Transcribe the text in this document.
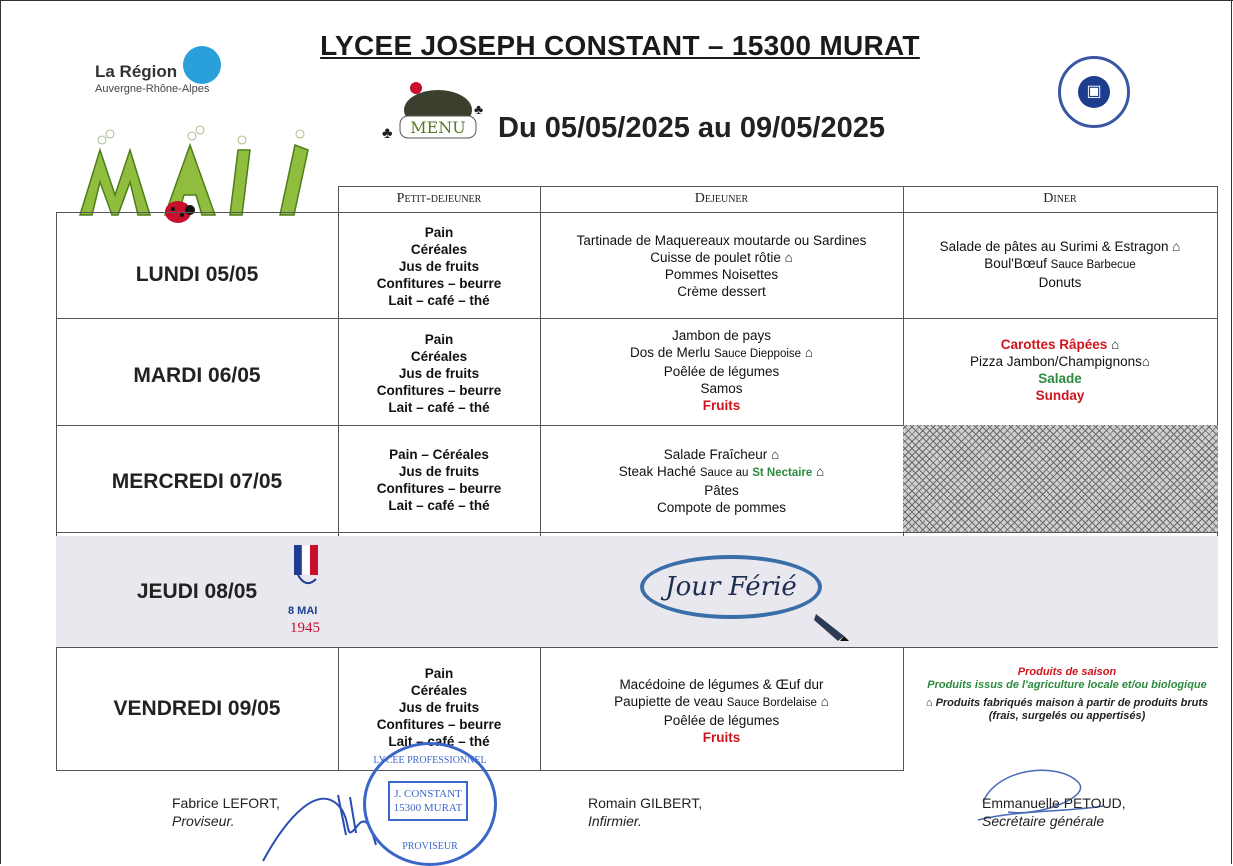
La Région
Auvergne-Rhône-Alpes
LYCEE JOSEPH CONSTANT – 15300 MURAT
▣
MENU
♣
♣
Du 05/05/2025 au 09/05/2025
MAI
Petit-dejeuner	Dejeuner	Diner
LUNDI 05/05
Pain
Céréales
Jus de fruits
Confitures – beurre
Lait – café – thé
Tartinade de Maquereaux moutarde ou Sardines
Cuisse de poulet rôtie ⌂
Pommes Noisettes
Crème dessert
Salade de pâtes au Surimi & Estragon ⌂
Boul'Bœuf Sauce Barbecue
Donuts
MARDI 06/05
Pain
Céréales
Jus de fruits
Confitures – beurre
Lait – café – thé
Jambon de pays
Dos de Merlu Sauce Dieppoise ⌂
Poêlée de légumes
Samos
Fruits
Carottes Râpées ⌂
Pizza Jambon/Champignons⌂
Salade
Sunday
MERCREDI 07/05
Pain – Céréales
Jus de fruits
Confitures – beurre
Lait – café – thé
Salade Fraîcheur ⌂
Steak Haché Sauce au St Nectaire ⌂
Pâtes
Compote de pommes
JEUDI 08/05
8 MAI
1945
Jour Férié
VENDREDI 09/05
Pain
Céréales
Jus de fruits
Confitures – beurre
Lait – café – thé
Macédoine de légumes & Œuf dur
Paupiette de veau Sauce Bordelaise ⌂
Poêlée de légumes
Fruits
Produits de saison
Produits issus de l'agriculture locale et/ou biologique
⌂ Produits fabriqués maison à partir de produits bruts (frais, surgelés ou appertisés)
Fabrice LEFORT,
Proviseur.
LYCEE PROFESSIONNEL
J. CONSTANT
15300 MURAT
PROVISEUR
Romain GILBERT,
Infirmier.
Emmanuelle PETOUD,
Secrétaire générale
